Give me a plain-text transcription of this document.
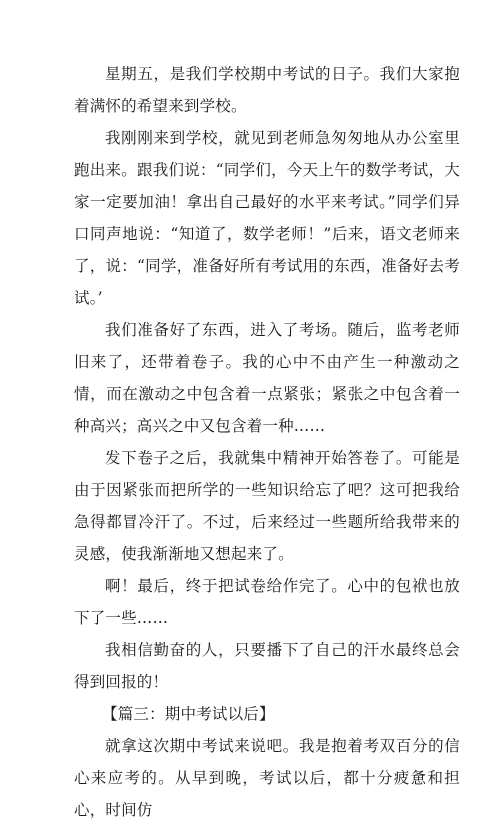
星期五，是我们学校期中考试的日子。我们大家抱着满怀的希望来到学校。

我刚刚来到学校，就见到老师急匆匆地从办公室里跑出来。跟我们说：“同学们，今天上午的数学考试，大家一定要加油！拿出自己最好的水平来考试。”同学们异口同声地说：“知道了，数学老师！”后来，语文老师来了，说：“同学，准备好所有考试用的东西，准备好去考试。’

我们准备好了东西，进入了考场。随后，监考老师旧来了，还带着卷子。我的心中不由产生一种激动之情，而在激动之中包含着一点紧张；紧张之中包含着一种高兴；高兴之中又包含着一种……

发下卷子之后，我就集中精神开始答卷了。可能是由于因紧张而把所学的一些知识给忘了吧？这可把我给急得都冒冷汗了。不过，后来经过一些题所给我带来的灵感，使我渐渐地又想起来了。

啊！最后，终于把试卷给作完了。心中的包袱也放下了一些……

我相信勤奋的人，只要播下了自己的汗水最终总会得到回报的！

【篇三：期中考试以后】

就拿这次期中考试来说吧。我是抱着考双百分的信心来应考的。从早到晚，考试以后，都十分疲惫和担心，时间仿
